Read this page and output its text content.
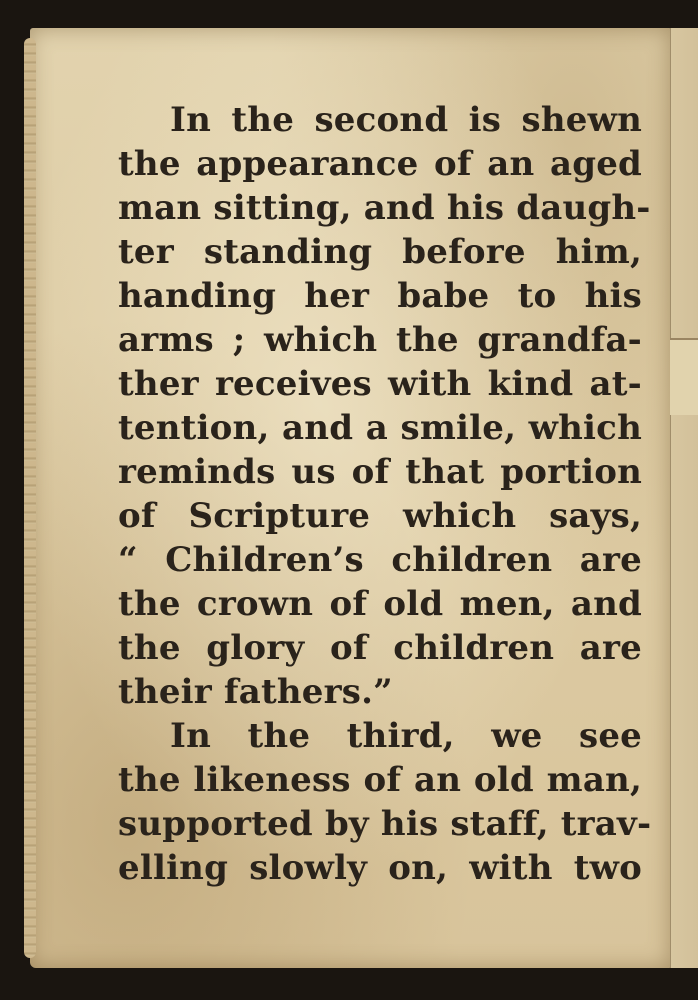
In the second is shewn
the appearance of an aged
man sitting, and his daugh-
ter standing before him,
handing her babe to his
arms ; which the grandfa-
ther receives with kind at-
tention, and a smile, which
reminds us of that portion
of Scripture which says,
“ Children’s children are
the crown of old men, and
the glory of children are
their fathers.”
In the third, we see
the likeness of an old man,
supported by his staff, trav-
elling slowly on, with two
